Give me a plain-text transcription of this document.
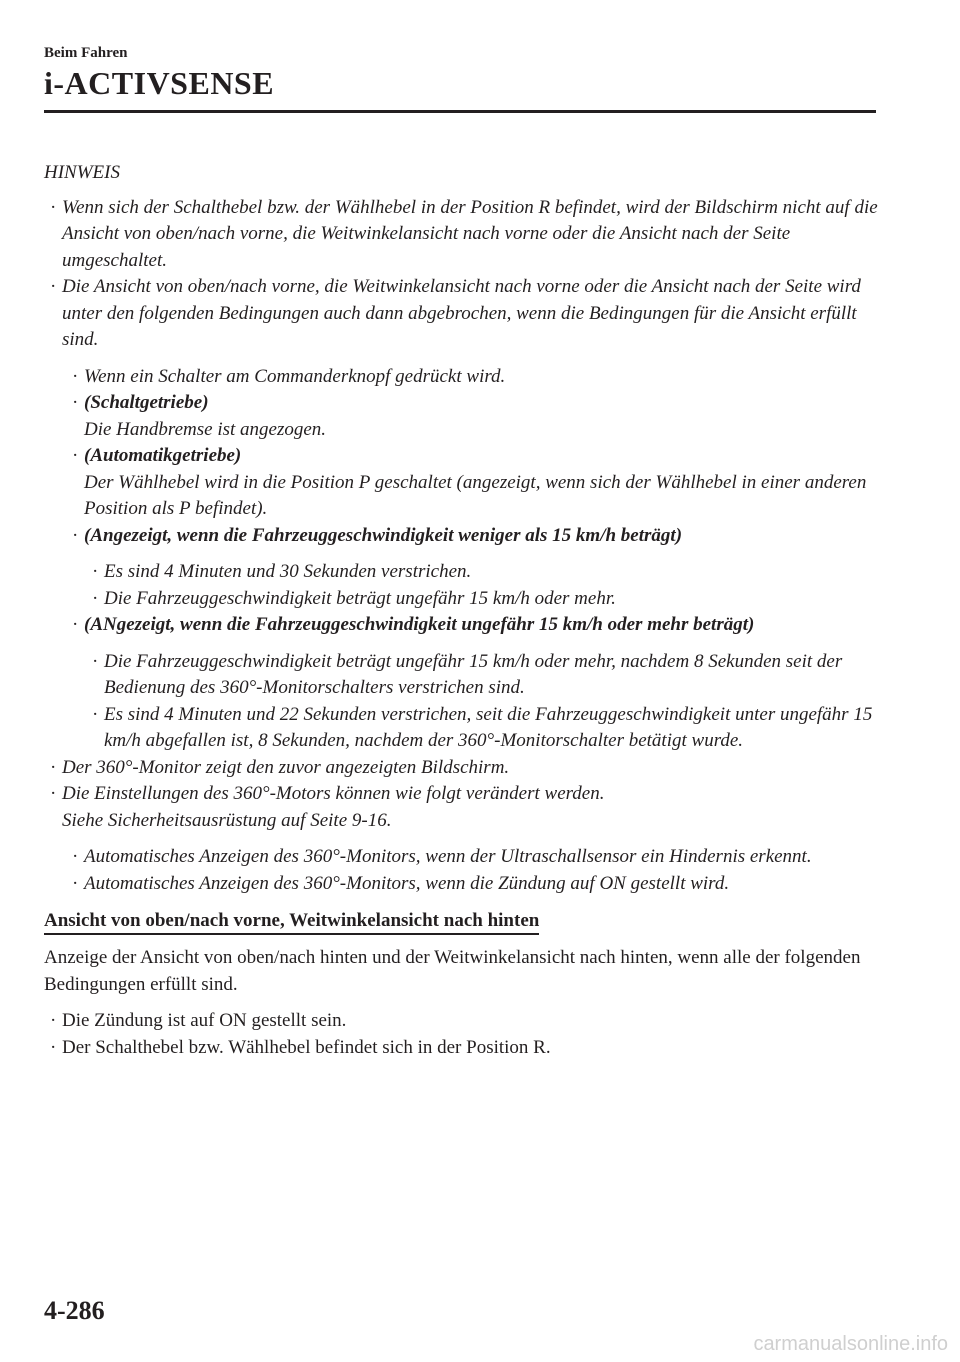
Beim Fahren
i-ACTIVSENSE
HINWEIS
· Wenn sich der Schalthebel bzw. der Wählhebel in der Position R befindet, wird der Bildschirm nicht auf die Ansicht von oben/nach vorne, die Weitwinkelansicht nach vorne oder die Ansicht nach der Seite umgeschaltet.
· Die Ansicht von oben/nach vorne, die Weitwinkelansicht nach vorne oder die Ansicht nach der Seite wird unter den folgenden Bedingungen auch dann abgebrochen, wenn die Bedingungen für die Ansicht erfüllt sind.
· Wenn ein Schalter am Commanderknopf gedrückt wird.
· (Schaltgetriebe)
Die Handbremse ist angezogen.
· (Automatikgetriebe)
Der Wählhebel wird in die Position P geschaltet (angezeigt, wenn sich der Wählhebel in einer anderen Position als P befindet).
· (Angezeigt, wenn die Fahrzeuggeschwindigkeit weniger als 15 km/h beträgt)
· Es sind 4 Minuten und 30 Sekunden verstrichen.
· Die Fahrzeuggeschwindigkeit beträgt ungefähr 15 km/h oder mehr.
· (ANgezeigt, wenn die Fahrzeuggeschwindigkeit ungefähr 15 km/h oder mehr beträgt)
· Die Fahrzeuggeschwindigkeit beträgt ungefähr 15 km/h oder mehr, nachdem 8 Sekunden seit der Bedienung des 360°-Monitorschalters verstrichen sind.
· Es sind 4 Minuten und 22 Sekunden verstrichen, seit die Fahrzeuggeschwindigkeit unter ungefähr 15 km/h abgefallen ist, 8 Sekunden, nachdem der 360°-Monitorschalter betätigt wurde.
· Der 360°-Monitor zeigt den zuvor angezeigten Bildschirm.
· Die Einstellungen des 360°-Motors können wie folgt verändert werden.
Siehe Sicherheitsausrüstung auf Seite 9-16.
· Automatisches Anzeigen des 360°-Monitors, wenn der Ultraschallsensor ein Hindernis erkennt.
· Automatisches Anzeigen des 360°-Monitors, wenn die Zündung auf ON gestellt wird.
Ansicht von oben/nach vorne, Weitwinkelansicht nach hinten
Anzeige der Ansicht von oben/nach hinten und der Weitwinkelansicht nach hinten, wenn alle der folgenden Bedingungen erfüllt sind.
· Die Zündung ist auf ON gestellt sein.
· Der Schalthebel bzw. Wählhebel befindet sich in der Position R.
4-286
carmanualsonline.info
